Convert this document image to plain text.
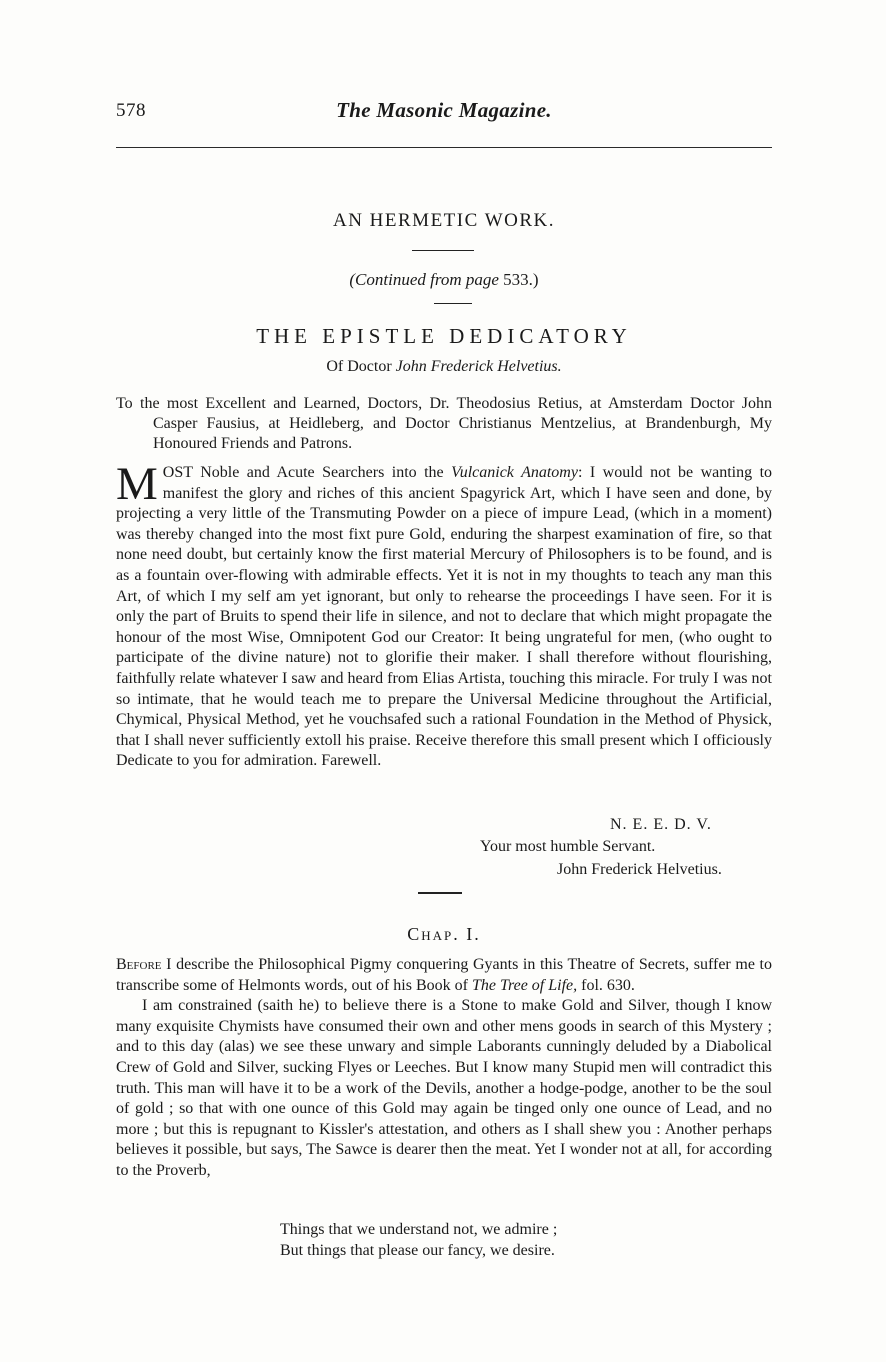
578	The Masonic Magazine.
AN HERMETIC WORK.
(Continued from page 533.)
THE EPISTLE DEDICATORY
Of Doctor John Frederick Helvetius.
To the most Excellent and Learned, Doctors, Dr. Theodosius Retius, at Amsterdam Doctor John Casper Fausius, at Heidleberg, and Doctor Christianus Mentzelius, at Brandenburgh, My Honoured Friends and Patrons.
MOST Noble and Acute Searchers into the Vulcanick Anatomy: I would not be wanting to manifest the glory and riches of this ancient Spagyrick Art, which I have seen and done, by projecting a very little of the Transmuting Powder on a piece of impure Lead, (which in a moment) was thereby changed into the most fixt pure Gold, enduring the sharpest examination of fire, so that none need doubt, but certainly know the first material Mercury of Philosophers is to be found, and is as a fountain over-flowing with admirable effects. Yet it is not in my thoughts to teach any man this Art, of which I my self am yet ignorant, but only to rehearse the proceedings I have seen. For it is only the part of Bruits to spend their life in silence, and not to declare that which might propagate the honour of the most Wise, Omnipotent God our Creator: It being ungrateful for men, (who ought to participate of the divine nature) not to glorifie their maker. I shall therefore without flourishing, faithfully relate whatever I saw and heard from Elias Artista, touching this miracle. For truly I was not so intimate, that he would teach me to prepare the Universal Medicine throughout the Artificial, Chymical, Physical Method, yet he vouchsafed such a rational Foundation in the Method of Physick, that I shall never sufficiently extoll his praise. Receive therefore this small present which I officiously Dedicate to you for admiration. Farewell.
N. E. E. D. V.
Your most humble Servant.
John Frederick Helvetius.
Chap. I.

Before I describe the Philosophical Pigmy conquering Gyants in this Theatre of Secrets, suffer me to transcribe some of Helmonts words, out of his Book of The Tree of Life, fol. 630.

I am constrained (saith he) to believe there is a Stone to make Gold and Silver, though I know many exquisite Chymists have consumed their own and other mens goods in search of this Mystery ; and to this day (alas) we see these unwary and simple Laborants cunningly deluded by a Diabolical Crew of Gold and Silver, sucking Flyes or Leeches. But I know many Stupid men will contradict this truth. This man will have it to be a work of the Devils, another a hodge-podge, another to be the soul of gold ; so that with one ounce of this Gold may again be tinged only one ounce of Lead, and no more ; but this is repugnant to Kissler's attestation, and others as I shall shew you : Another perhaps believes it possible, but says, The Sawce is dearer then the meat. Yet I wonder not at all, for according to the Proverb,

Things that we understand not, we admire ;
But things that please our fancy, we desire.
